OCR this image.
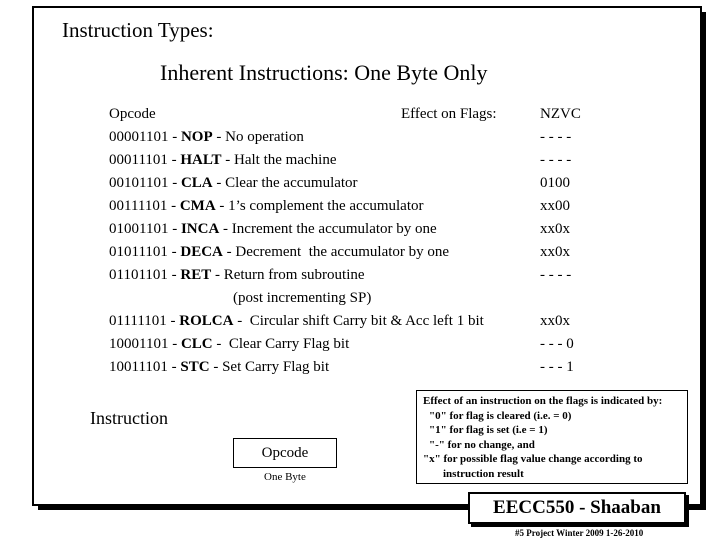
Instruction Types:
Inherent Instructions: One Byte Only
Opcode	Effect on Flags:	NZVC
00001101 - NOP - No operation	- - - -
00011101 - HALT - Halt the machine	- - - -
00101101 - CLA - Clear the accumulator	0100
00111101 - CMA - 1’s complement the accumulator	xx00
01001101 - INCA - Increment the accumulator by one	xx0x
01011101 - DECA - Decrement  the accumulator by one	xx0x
01101101 - RET - Return from subroutine	- - - -
(post incrementing SP)
01111101 - ROLCA -  Circular shift Carry bit & Acc left 1 bit	xx0x
10001101 - CLC -  Clear Carry Flag bit	- - - 0
10011101 - STC - Set Carry Flag bit	- - - 1
Instruction
Opcode
One Byte
Effect of an instruction on the flags is indicated by:
"0" for flag is cleared (i.e. = 0)
"1" for flag is set (i.e = 1)
"-" for no change, and
"x" for possible flag value change according to
instruction result
EECC550 - Shaaban
#5 Project Winter 2009 1-26-2010
